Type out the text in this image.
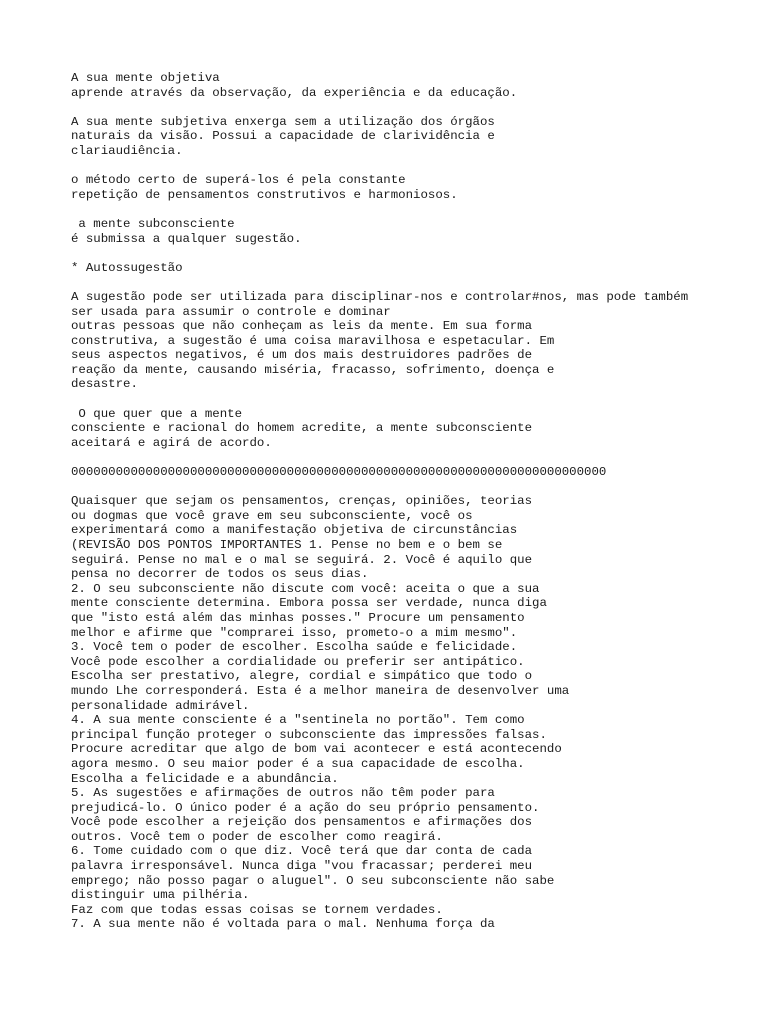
A sua mente objetiva
aprende através da observação, da experiência e da educação.
A sua mente subjetiva enxerga sem a utilização dos órgãos
naturais da visão. Possui a capacidade de clarividência e
clariaudiência.
o método certo de superá-los é pela constante
repetição de pensamentos construtivos e harmoniosos.
a mente subconsciente
é submissa a qualquer sugestão.
* Autossugestão
A sugestão pode ser utilizada para disciplinar-nos e controlar#nos, mas pode também
ser usada para assumir o controle e dominar
outras pessoas que não conheçam as leis da mente. Em sua forma
construtiva, a sugestão é uma coisa maravilhosa e espetacular. Em
seus aspectos negativos, é um dos mais destruidores padrões de
reação da mente, causando miséria, fracasso, sofrimento, doença e
desastre.
O que quer que a mente
consciente e racional do homem acredite, a mente subconsciente
aceitará e agirá de acordo.
000000000000000000000000000000000000000000000000000000000000000000000000
Quaisquer que sejam os pensamentos, crenças, opiniões, teorias
ou dogmas que você grave em seu subconsciente, você os
experimentará como a manifestação objetiva de circunstâncias
(REVISÃO DOS PONTOS IMPORTANTES 1. Pense no bem e o bem se
seguirá. Pense no mal e o mal se seguirá. 2. Você é aquilo que
pensa no decorrer de todos os seus dias.
2. O seu subconsciente não discute com você: aceita o que a sua
mente consciente determina. Embora possa ser verdade, nunca diga
que "isto está além das minhas posses." Procure um pensamento
melhor e afirme que "comprarei isso, prometo-o a mim mesmo".
3. Você tem o poder de escolher. Escolha saúde e felicidade.
Você pode escolher a cordialidade ou preferir ser antipático.
Escolha ser prestativo, alegre, cordial e simpático que todo o
mundo Lhe corresponderá. Esta é a melhor maneira de desenvolver uma
personalidade admirável.
4. A sua mente consciente é a "sentinela no portão". Tem como
principal função proteger o subconsciente das impressões falsas.
Procure acreditar que algo de bom vai acontecer e está acontecendo
agora mesmo. O seu maior poder é a sua capacidade de escolha.
Escolha a felicidade e a abundância.
5. As sugestões e afirmações de outros não têm poder para
prejudicá-lo. O único poder é a ação do seu próprio pensamento.
Você pode escolher a rejeição dos pensamentos e afirmações dos
outros. Você tem o poder de escolher como reagirá.
6. Tome cuidado com o que diz. Você terá que dar conta de cada
palavra irresponsável. Nunca diga "vou fracassar; perderei meu
emprego; não posso pagar o aluguel". O seu subconsciente não sabe
distinguir uma pilhéria.
Faz com que todas essas coisas se tornem verdades.
7. A sua mente não é voltada para o mal. Nenhuma força da
